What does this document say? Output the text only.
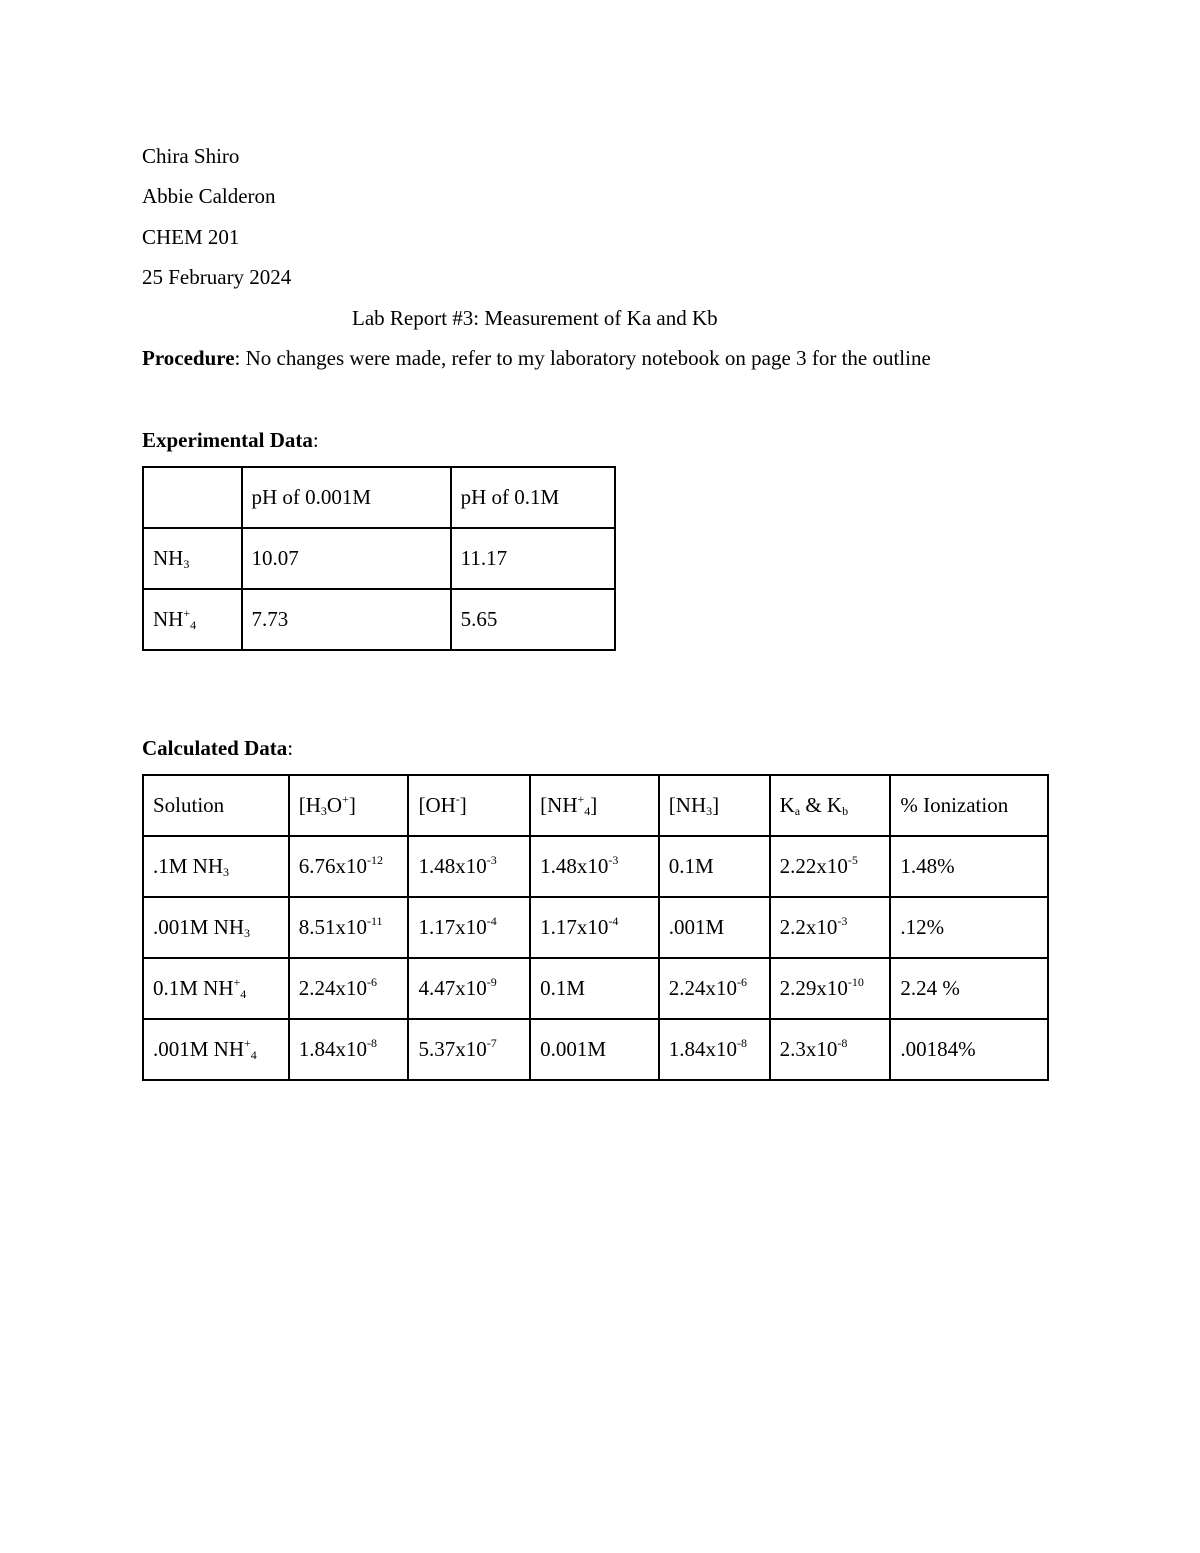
Chira Shiro
Abbie Calderon
CHEM 201
25 February 2024
Lab Report #3: Measurement of Ka and Kb
Procedure: No changes were made, refer to my laboratory notebook on page 3 for the outline
Experimental Data:
	pH of 0.001M	pH of 0.1M
$NH_3$	10.07	11.17
$NH^+_4$	7.73	5.65
Calculated Data:
Solution	$[H_3O^+]$	[OH-]	$[NH^+_4]$	$[NH_3]$	$K_a$ & $K_b$	% Ionization
.1M $NH_3$	$6.76x10^{-12}$	$1.48x10^{-3}$	$1.48x10^{-3}$	0.1M	$2.22x10^{-5}$	1.48%
.001M $NH_3$	$8.51x10^{-11}$	$1.17x10^{-4}$	$1.17x10^{-4}$	.001M	$2.2x10^{-3}$	.12%
0.1M $NH^+_4$	$2.24x10^{-6}$	$4.47x10^{-9}$	0.1M	$2.24x10^{-6}$	$2.29x10^{-10}$	2.24 %
.001M $NH^+_4$	$1.84x10^{-8}$	$5.37x10^{-7}$	0.001M	$1.84x10^{-8}$	$2.3x10^{-8}$	.00184%
